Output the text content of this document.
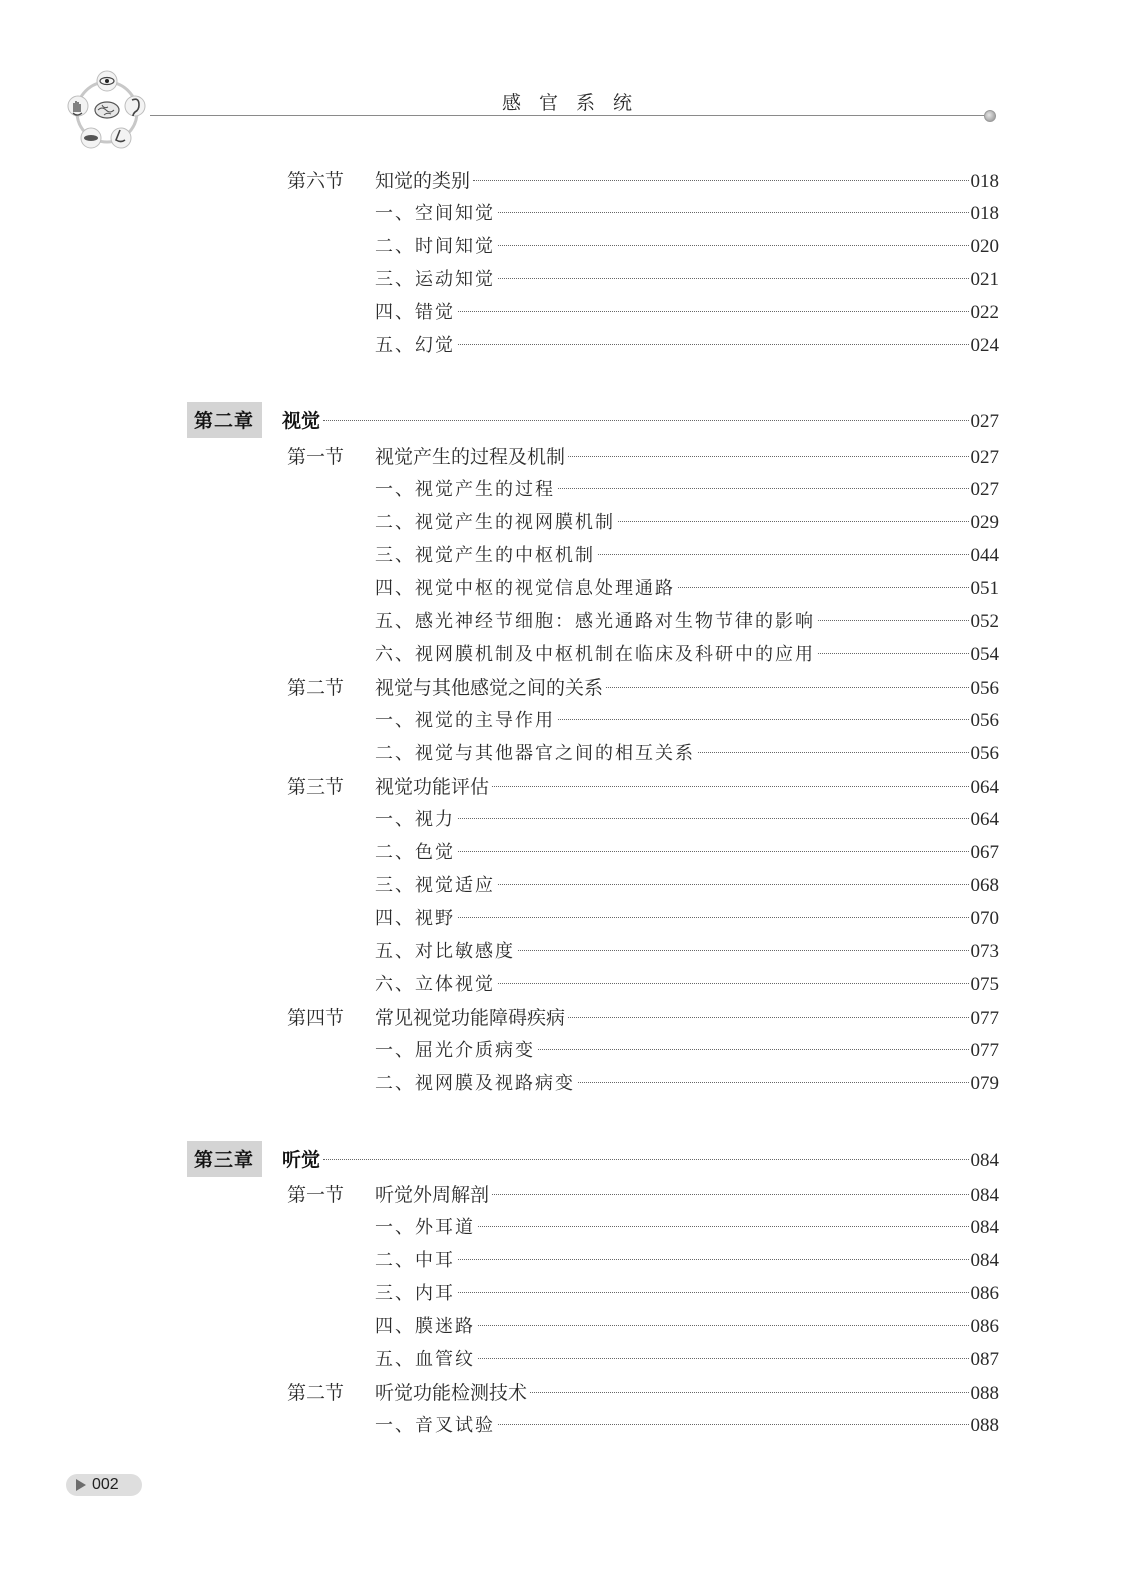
感 官 系 统
第六节	知觉的类别	018
一、空间知觉	018
二、时间知觉	020
三、运动知觉	021
四、错觉	022
五、幻觉	024
第二章	视觉	027
第一节	视觉产生的过程及机制	027
一、视觉产生的过程	027
二、视觉产生的视网膜机制	029
三、视觉产生的中枢机制	044
四、视觉中枢的视觉信息处理通路	051
五、感光神经节细胞：感光通路对生物节律的影响	052
六、视网膜机制及中枢机制在临床及科研中的应用	054
第二节	视觉与其他感觉之间的关系	056
一、视觉的主导作用	056
二、视觉与其他器官之间的相互关系	056
第三节	视觉功能评估	064
一、视力	064
二、色觉	067
三、视觉适应	068
四、视野	070
五、对比敏感度	073
六、立体视觉	075
第四节	常见视觉功能障碍疾病	077
一、屈光介质病变	077
二、视网膜及视路病变	079
第三章	听觉	084
第一节	听觉外周解剖	084
一、外耳道	084
二、中耳	084
三、内耳	086
四、膜迷路	086
五、血管纹	087
第二节	听觉功能检测技术	088
一、音叉试验	088
002
